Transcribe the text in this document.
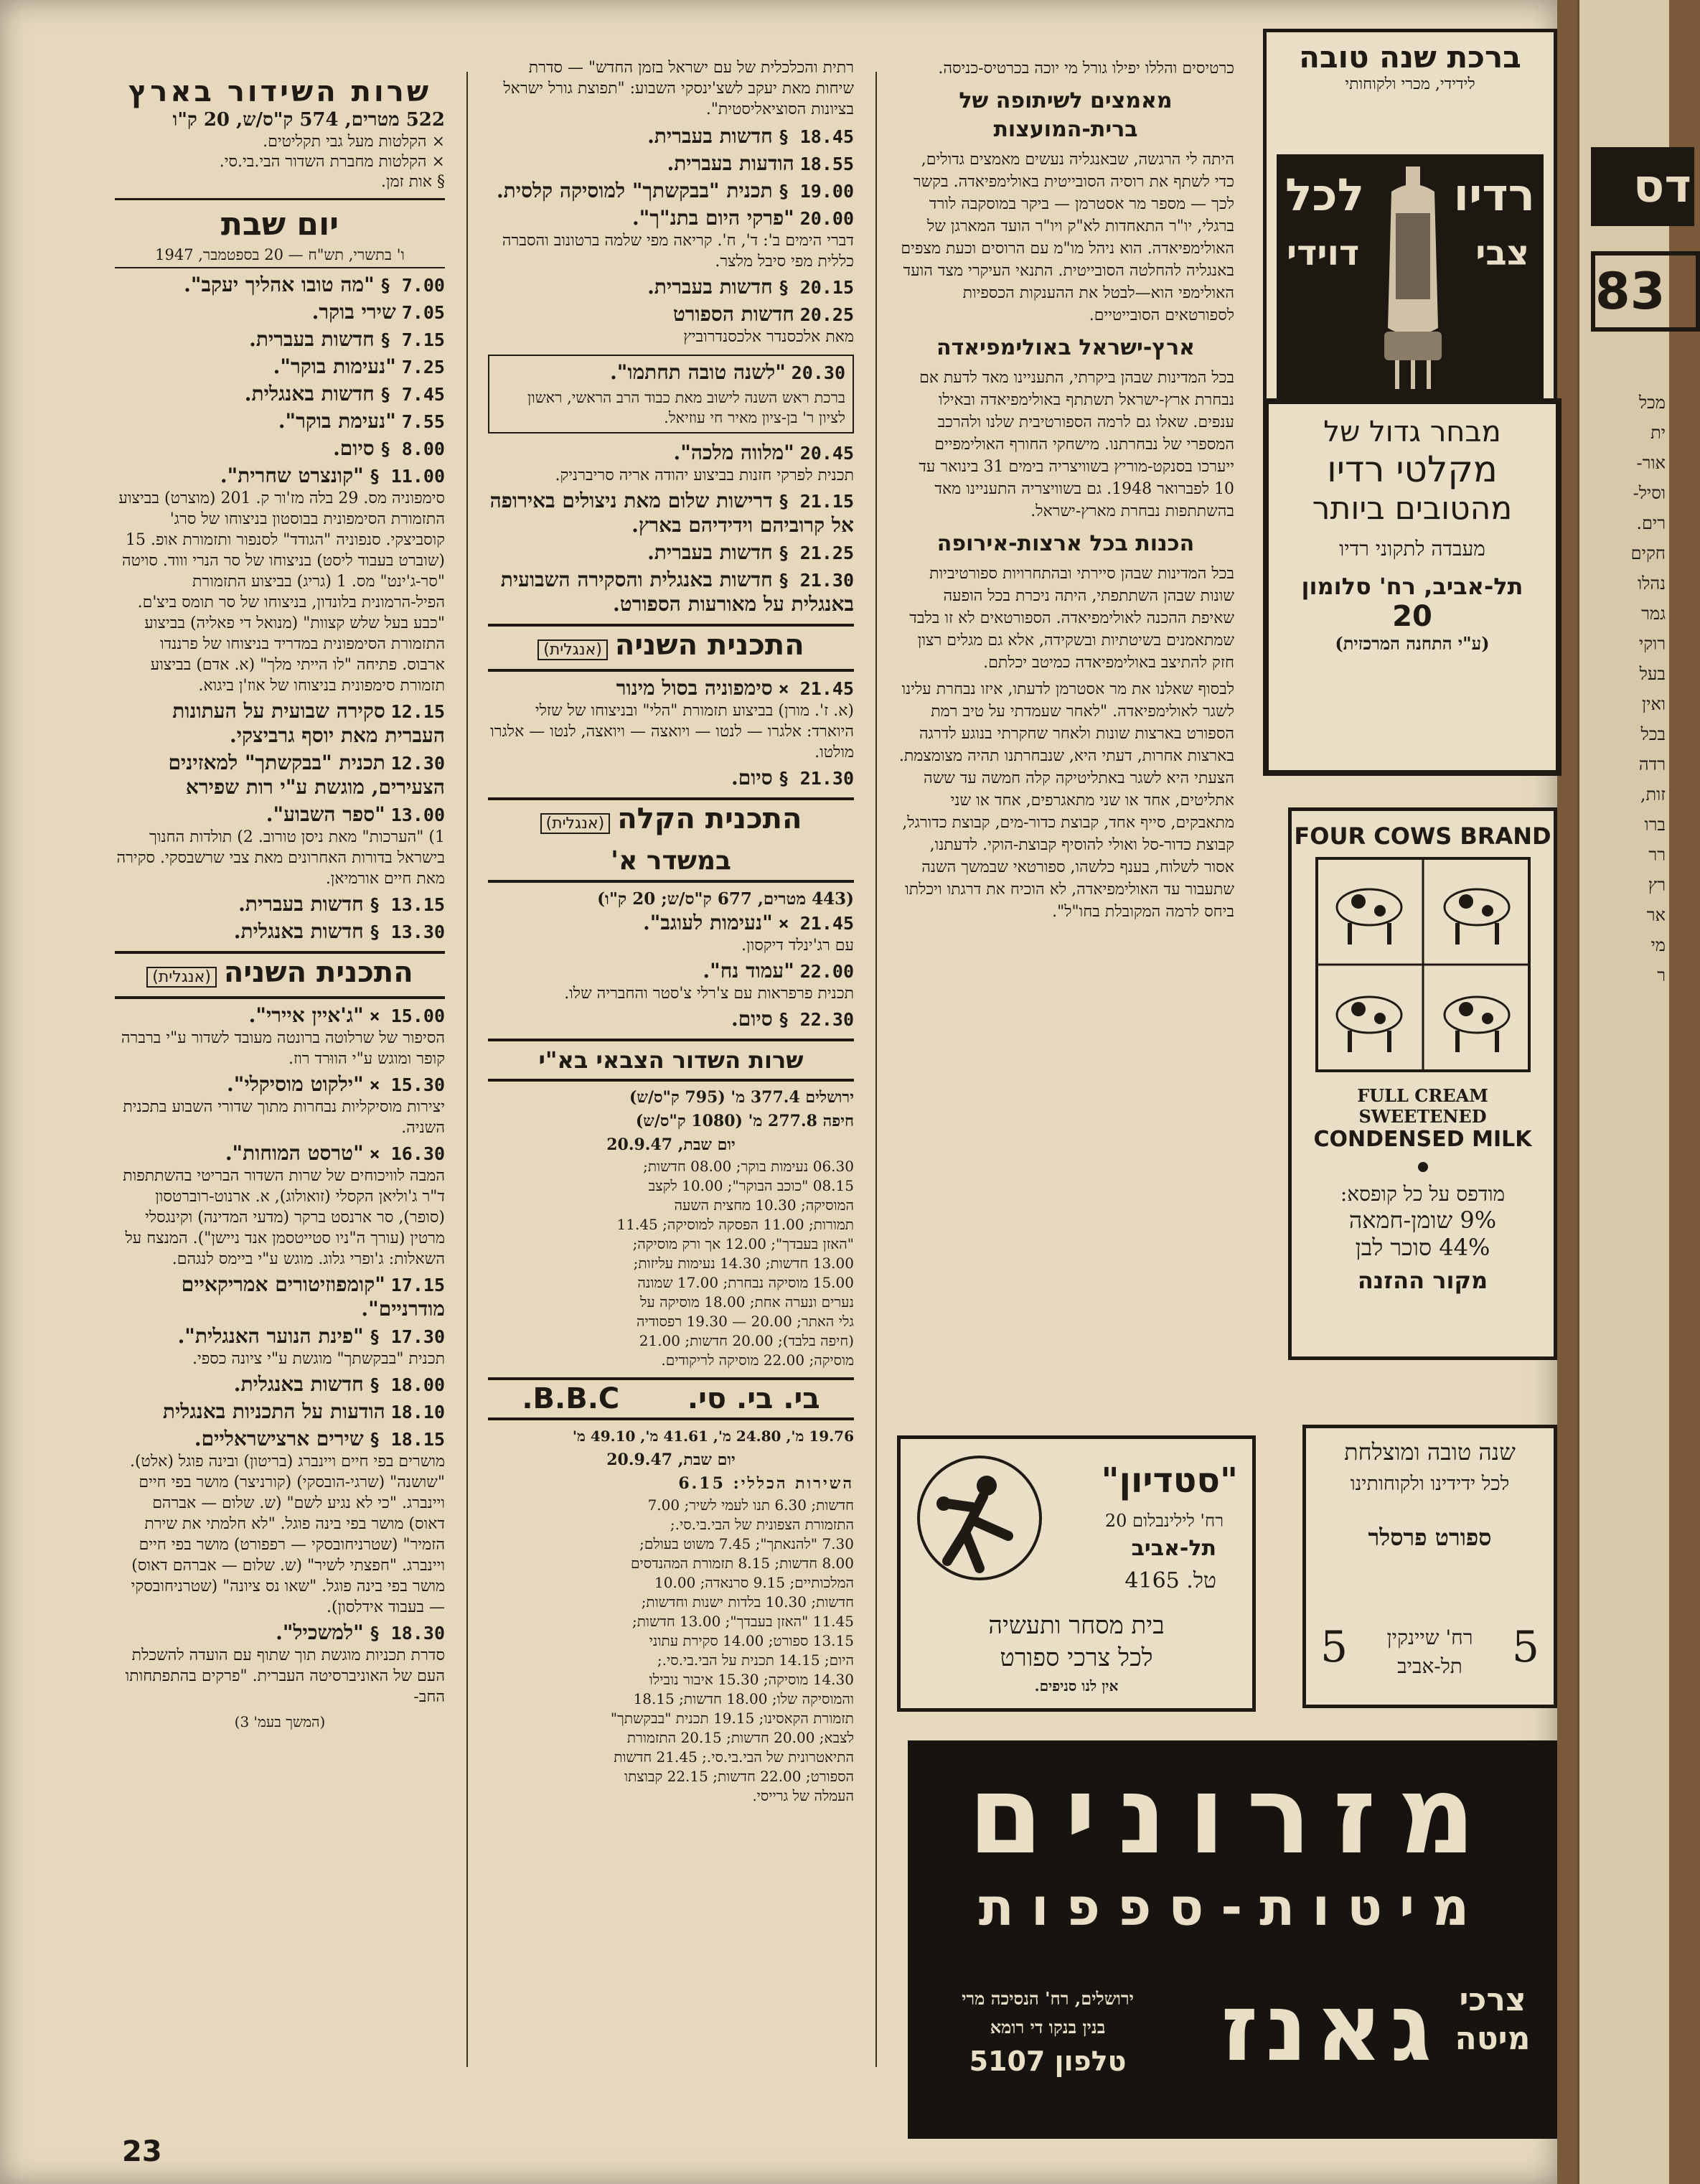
שרות השידור בארץ
522 מטרים, 574 ק"ס/ש, 20 ק"ו
× הקלטות מעל גבי תקליטים.
× הקלטות מחברת השדור הבי.בי.סי.
§ אות זמן.
יום שבת
ו' בתשרי, תש"ח — 20 בספטמבר, 1947
7.00 § "מה טובו אהליך יעקב".
7.05 שירי בוקר.
7.15 § חדשות בעברית.
7.25 "נעימות בוקר".
7.45 § חדשות באנגלית.
7.55 "נעימת בוקר".
8.00 § סיום.
11.00 § "קונצרט שחרית".
סימפוניה מס. 29 בלה מז'ור ק. 201 (מוצרט) בביצוע התזמורת הסימפונית בבוסטון בניצוחו של סרג' קוסביצקי. סנפוניה "הגודד" לסנפור ותזמורת אופ. 15 (שוברט בעבוד ליסט) בניצוחו של סר הנרי וווד. סויטה "סר-ג'ינט" מס. 1 (גריג) בביצוע התזמורת הפיל-הרמונית בלונדון, בניצוחו של סר תומס ביצ'ם. "כבע בעל שלש קצוות" (מנואל די פאליה) בביצוע התזמורת הסימפונית במדריד בניצוחו של פרננדו ארבוס. פתיחה "לו הייתי מלך" (א. אדם) בביצוע תזמורת סימפונית בניצוחו של אוז'ן ביגוא.
12.15 סקירה שבועית על העתונות העברית מאת יוסף גרביצקי.
12.30 תכנית "בבקשתך" למאזינים הצעירים, מוגשת ע"י רות שפירא
13.00 "ספר השבוע".
1) "הערכות" מאת ניסן טורוב. 2) תולדות החנוך בישראל בדורות האחרונים מאת צבי שרשבסקי. סקירה מאת חיים אורמיאן.
13.15 § חדשות בעברית.
13.30 § חדשות באנגלית.
התכנית השניה(אנגלית)
15.00 × "ג'איין איירי".
הסיפור של שרלוטה ברונטה מעובד לשדור ע"י ברברה קופר ומוגש ע"י הווּרד רוז.
15.30 × "ילקוט מוסיקלי".
יצירות מוסיקליות נבחרות מתוך שדורי השבוע בתכנית השניה.
16.30 × "טרסט המוחות".
המבה לוויכוחים של שרות השדור הבריטי בהשתתפות ד"ר ג'וליאן הקסלי (זואולוג), א. ארנוט-רוברטסון (סופר), סר ארנסט ברקר (מדעי המדינה) וקינגסלי מרטין (עורך ה"ניו סטייטסמן אנד ניישן"). המנצח על השאלות: ג'ופרי גלוג. מוגש ע"י ביימס לנגהם.
17.15 "קומפוזיטורים אמריקאיים מודרניים".
17.30 § "פינת הנוער האנגלית".
תכנית "בבקשתך" מוגשת ע"י ציונה כספי.
18.00 § חדשות באנגלית.
18.10 הודעות על התכניות באנגלית
18.15 § שירים ארצישראליים.
מושרים בפי חיים ויינברג (בריטון) ובינה פוגל (אלט). "שושנה" (שרגי-הובסקי) (קורניצר) מושר בפי חיים ויינברג. "כי לא נגיע לשם" (ש. שלום — אברהם דאוס) מושר בפי בינה פוגל. "לא חלמתי את שירת הזמיר" (שטרניחובסקי — רפפורט) מושר בפי חיים ויינברג. "חפצתי לשיר" (ש. שלום — אברהם דאוס) מושר בפי בינה פוגל. "שאו נס ציונה" (שטרניחובסקי — בעבוד אידלסון).
18.30 § "למשכיל".
סדרת תכניות מוגשת תוך שתוף עם הועדה להשכלת העם של האוניברסיטה העברית. "פרקים בהתפתחותו החב-
(המשך בעמ' 3)

רתית והכלכלית של עם ישראל בזמן החדש" — סדרת שיחות מאת יעקב לשצ'ינסקי השבוע: "תפוצת גורל ישראל בציונות הסוציאליסטית".

18.45 § חדשות בעברית.
18.55 הודעות בעברית.
19.00 § תכנית "בבקשתך" למוסיקה קלסית.
20.00 "פרקי היום בתנ"ך".
דברי הימים ב': ד', ח'. קריאה מפי שלמה ברטונוב והסברה כללית מפי סיבל מלצר.
20.15 § חדשות בעברית.
20.25 חדשות הספורט
מאת אלכסנדר אלכסנדרוביץ
20.30 "לשנה טובה תחתמו".
ברכת ראש השנה לישוב מאת כבוד הרב הראשי, ראשון לציון ר' בן-ציון מאיר חי עוזיאל.
20.45 "מלווה מלכה".
תכנית לפרקי חזנות בביצוע יהודה אריה סריברניק.
21.15 § דרישות שלום מאת ניצולים באירופה אל קרוביהם וידידיהם בארץ.
21.25 § חדשות בעברית.
21.30 § חדשות באנגלית והסקירה השבועית באנגלית על מאורעות הספורט.
התכנית השניה(אנגלית)
21.45 × סימפוניה בסול מינור
(א. ז'. מורן) בביצוע תזמורת "הלי" ובניצוחו של שזלי היוארד: אלגרו — לנטו — ויואצה — ויואצה, לנטו — אלגרו מולטו.
21.30 § סיום.
התכנית הקלה(אנגלית)
במשדר א'
(443 מטרים, 677 ק"ס/ש; 20 ק"ו)
21.45 × "נעימות לעוגב".
עם רג'ינלד דיקסון.
22.00 "עמוד נח".
תכנית פרפראות עם צ'רלי צ'סטר והחבריה שלו.
22.30 § סיום.
שרות השדור הצבאי בא"י
ירושלים 377.4 מ' (795 ק"ס/ש)
חיפה 277.8 מ' (1080 ק"ס/ש)
יום שבת, 20.9.47
06.30 נעימות בוקר; 08.00 חדשות;
08.15 "כוכב הבוקר"; 10.00 לקצב
המוסיקה; 10.30 מחצית השעה
תמורות; 11.00 הפסקה למוסיקה; 11.45
"האזן בעבדך"; 12.00 אך ורק מוסיקה;
13.00 חדשות; 14.30 נעימות עליזות;
15.00 מוסיקה נבחרת; 17.00 שמונה
נערים ונערה אחת; 18.00 מוסיקה על
גלי האתר; 20.00 — 19.30 רפסודיה
(חיפה בלבד); 20.00 חדשות; 21.00
מוסיקה; 22.00 מוסיקה לריקודים.
בי. בי. סי.
B.B.C.
19.76 מ', 24.80 מ', 41.61 מ', 49.10 מ'
יום שבת, 20.9.47
השירות הכללי: 6.15
חדשות; 6.30 תנו לעמי לשיר; 7.00
התזמורת הצפונית של הבי.בי.סי.;
7.30 "להנאתך"; 7.45 משוט בעולם;
8.00 חדשות; 8.15 תזמורת המהנדסים
המלכותיים; 9.15 סרנאדה; 10.00
חדשות; 10.30 בלדות ישנות וחדשות;
11.45 "האזן בעבדך"; 13.00 חדשות;
13.15 ספורט; 14.00 סקירת עתוני
היום; 14.15 תכנית על הבי.בי.סי.;
14.30 מוסיקה; 15.30 איבור נובילו
והמוסיקה שלו; 18.00 חדשות; 18.15
תזמורת הקאסינו; 19.15 תכנית "בבקשתך"
לצבא; 20.00 חדשות; 20.15 התזמורת
התיאטרונית של הבי.בי.סי.; 21.45 חדשות
הספורט; 22.00 חדשות; 22.15 קבוצתו
העמלה של גרייסי.

כרטיסים והללו יפילו גורל מי יוכה בכרטיס-כניסה.

מאמצים לשיתופה של ברית-המועצות

היתה לי הרגשה, שבאנגליה נעשים מאמצים גדולים, כדי לשתף את רוסיה הסובייטית באולימפיאדה. בקשר לכך — מספר מר אסטרמן — ביקר במוסקבה לורד ברגלי, יו"ר התאחדות לא"ק ויו"ר הועד המארגן של האולימפיאדה. הוא ניהל מו"מ עם הרוסים וכעת מצפים באנגליה להחלטה הסובייטית. התנאי העיקרי מצד הועד האולימפי הוא—לבטל את ההענקות הכספיות לספורטאים הסובייטיים.

ארץ-ישראל באולימפיאדה

בכל המדינות שבהן ביקרתי, התעניינו מאד לדעת אם נבחרת ארץ-ישראל תשתתף באולימפיאדה ובאילו ענפים. שאלו גם לרמה הספורטיבית שלנו ולהרכב המספרי של נבחרתנו. מישחקי החורף האולימפיים ייערכו בסנקט-מוריץ בשוויצריה בימים 31 בינואר עד 10 לפברואר 1948. גם בשוויצריה התעניינו מאד בהשתתפות נבחרת מארץ-ישראל.

הכנות בכל ארצות-אירופה

בכל המדינות שבהן סיירתי ובהתחרויות ספורטיביות שונות שבהן השתתפתי, היתה ניכרת בכל הופעה שאיפת ההכנה לאולימפיאדה. הספורטאים לא זו בלבד שמתאמנים בשיטתיות ובשקידה, אלא גם מגלים רצון חזק להתיצב באולימפיאדה כמיטב יכלתם.

לבסוף שאלנו את מר אסטרמן לדעתו, איזו נבחרת עלינו לשגר לאולימפיאדה. "לאחר שעמדתי על טיב רמת הספורט בארצות שונות ולאחר שחקרתי בנוגע לדרגה בארצות אחרות, דעתי היא, שנבחרתנו תהיה מצומצמת. הצעתי היא לשגר באתליטיקה קלה חמשה עד ששה אתליטים, אחד או שני מתאגרפים, אחד או שני מתאבקים, סייף אחד, קבוצת כדור-מים, קבוצת כדורגל, קבוצת כדור-סל ואולי להוסיף קבוצת-הוקי. לדעתנו, אסור לשלוח, בענף כלשהו, ספורטאי שבמשך השנה שתעבור עד האולימפיאדה, לא הוכיח את דרגתו ויכלתו ביחס לרמה המקובלת בחו"ל".

ברכת שנה טובה
לידידי, מכרי ולקוחותי
רדיו
צבי
לכל
דוידי
מבחר גדול של
מקלטי רדיו
מהטובים ביותר
מעבדה לתקוני רדיו
תל-אביב, רח' סלומון
20
(ע"י התחנה המרכזית)
FOUR COWS BRAND
FULL CREAM SWEETENED
CONDENSED MILK
מודפס על כל קופסא:
9% שומן-חמאה
44% סוכר לבן
מקור ההזנה
"סטדיון"
רח' לילינבלום 20
תל-אביב
טל. 4165
בית מסחר ותעשיה
לכל צרכי ספורט
אין לנו סניפים.
שנה טובה ומוצלחת
לכל ידידינו ולקוחותינו
ספורט פרסלר
5
5	רח' שיינקין
תל-אביב
מזרונים
מיטות-ספפות
צרכי מיטה
גאנז
ירושלים, רח' הנסיכה מרי
בנין בנקו די רומא
טלפון 5107
23
דס
83
מכל
ית
אור-
וסיל-
רים.
חקים
נהלו
גמר
רוקי
בעל
ואין
בכל
רדה
זות,
ברו
רר
רץ
אר
מי
ר
